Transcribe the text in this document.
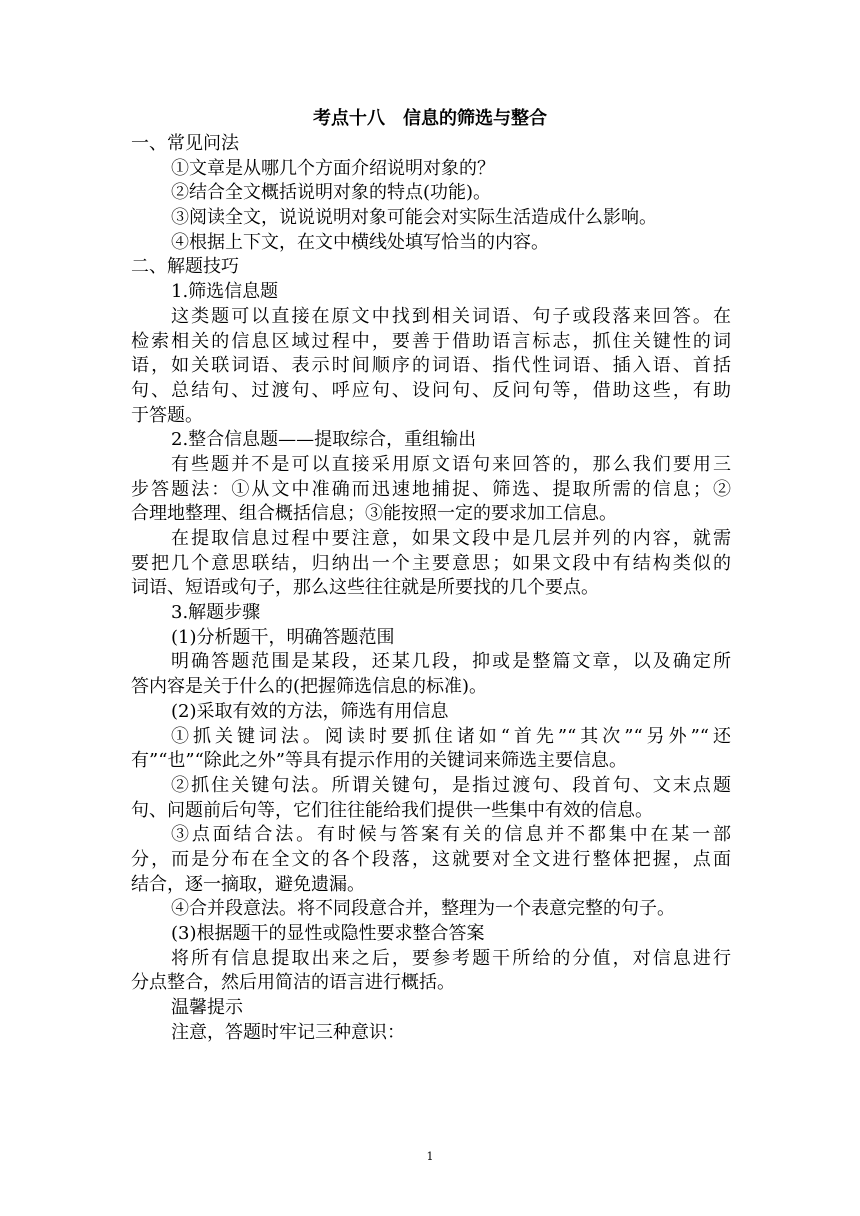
考点十八　信息的筛选与整合
一、常见问法
①文章是从哪几个方面介绍说明对象的？
②结合全文概括说明对象的特点(功能)。
③阅读全文，说说说明对象可能会对实际生活造成什么影响。
④根据上下文，在文中横线处填写恰当的内容。
二、解题技巧
1.筛选信息题
这类题可以直接在原文中找到相关词语、句子或段落来回答。在
检索相关的信息区域过程中，要善于借助语言标志，抓住关键性的词
语，如关联词语、表示时间顺序的词语、指代性词语、插入语、首括
句、总结句、过渡句、呼应句、设问句、反问句等，借助这些，有助
于答题。
2.整合信息题——提取综合，重组输出
有些题并不是可以直接采用原文语句来回答的，那么我们要用三
步答题法：①从文中准确而迅速地捕捉、筛选、提取所需的信息；②
合理地整理、组合概括信息；③能按照一定的要求加工信息。
在提取信息过程中要注意，如果文段中是几层并列的内容，就需
要把几个意思联结，归纳出一个主要意思；如果文段中有结构类似的
词语、短语或句子，那么这些往往就是所要找的几个要点。
3.解题步骤
(1)分析题干，明确答题范围
明确答题范围是某段，还某几段，抑或是整篇文章，以及确定所
答内容是关于什么的(把握筛选信息的标准)。
(2)采取有效的方法，筛选有用信息
①抓关键词法。阅读时要抓住诸如“首先”“其次”“另外”“还
有”“也”“除此之外”等具有提示作用的关键词来筛选主要信息。
②抓住关键句法。所谓关键句，是指过渡句、段首句、文末点题
句、问题前后句等，它们往往能给我们提供一些集中有效的信息。
③点面结合法。有时候与答案有关的信息并不都集中在某一部
分，而是分布在全文的各个段落，这就要对全文进行整体把握，点面
结合，逐一摘取，避免遗漏。
④合并段意法。将不同段意合并，整理为一个表意完整的句子。
(3)根据题干的显性或隐性要求整合答案
将所有信息提取出来之后，要参考题干所给的分值，对信息进行
分点整合，然后用简洁的语言进行概括。
温馨提示
注意，答题时牢记三种意识：
1
